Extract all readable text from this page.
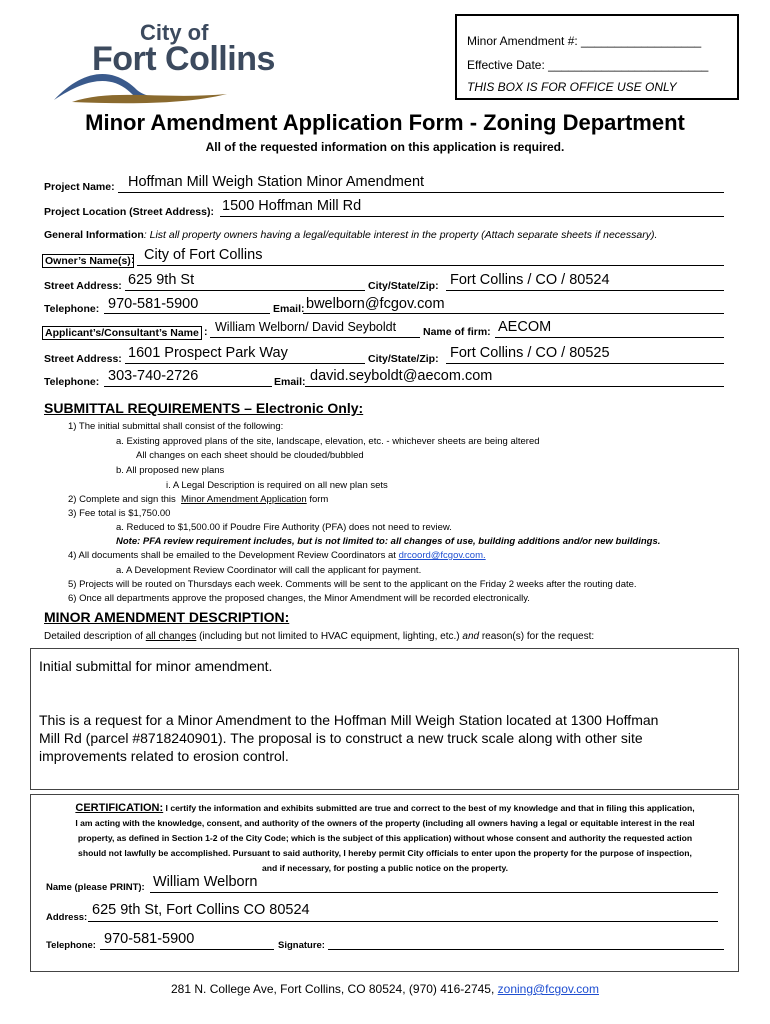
City of
Fort Collins	Minor Amendment #: __________________
Effective Date: ________________________
THIS BOX IS FOR OFFICE USE ONLY
Minor Amendment Application Form - Zoning Department
All of the requested information on this application is required.
Project Name: Hoffman Mill Weigh Station Minor Amendment
Project Location (Street Address): 1500 Hoffman Mill Rd
General Information: List all property owners having a legal/equitable interest in the property (Attach separate sheets if necessary).
Owner’s Name(s) : City of Fort Collins
Street Address: 625 9th St	City/State/Zip: Fort Collins / CO / 80524
Telephone: 970-581-5900	Email: bwelborn@fcgov.com
Applicant’s/Consultant’s Name : William Welborn/ David Seyboldt	Name of firm: AECOM
Street Address: 1601 Prospect Park Way	City/State/Zip: Fort Collins / CO / 80525
Telephone: 303-740-2726	Email: david.seyboldt@aecom.com
SUBMITTAL REQUIREMENTS – Electronic Only:
1) The initial submittal shall consist of the following:
a. Existing approved plans of the site, landscape, elevation, etc. - whichever sheets are being altered
All changes on each sheet should be clouded/bubbled
b. All proposed new plans
i. A Legal Description is required on all new plan sets
2) Complete and sign this Minor Amendment Application form
3) Fee total is $1,750.00
a. Reduced to $1,500.00 if Poudre Fire Authority (PFA) does not need to review.
Note: PFA review requirement includes, but is not limited to: all changes of use, building additions and/or new buildings.
4) All documents shall be emailed to the Development Review Coordinators at drcoord@fcgov.com.
a. A Development Review Coordinator will call the applicant for payment.
5) Projects will be routed on Thursdays each week. Comments will be sent to the applicant on the Friday 2 weeks after the routing date.
6) Once all departments approve the proposed changes, the Minor Amendment will be recorded electronically.
MINOR AMENDMENT DESCRIPTION:
Detailed description of all changes (including but not limited to HVAC equipment, lighting, etc.) and reason(s) for the request:
Initial submittal for minor amendment.
This is a request for a Minor Amendment to the Hoffman Mill Weigh Station located at 1300 Hoffman
Mill Rd (parcel #8718240901). The proposal is to construct a new truck scale along with other site
improvements related to erosion control.
CERTIFICATION: I certify the information and exhibits submitted are true and correct to the best of my knowledge and that in filing this application,
I am acting with the knowledge, consent, and authority of the owners of the property (including all owners having a legal or equitable interest in the real
property, as defined in Section 1-2 of the City Code; which is the subject of this application) without whose consent and authority the requested action
should not lawfully be accomplished. Pursuant to said authority, I hereby permit City officials to enter upon the property for the purpose of inspection,
and if necessary, for posting a public notice on the property.
Name (please PRINT): William Welborn
Address: 625 9th St, Fort Collins CO 80524
Telephone: 970-581-5900	Signature:
281 N. College Ave, Fort Collins, CO 80524, (970) 416-2745, zoning@fcgov.com
